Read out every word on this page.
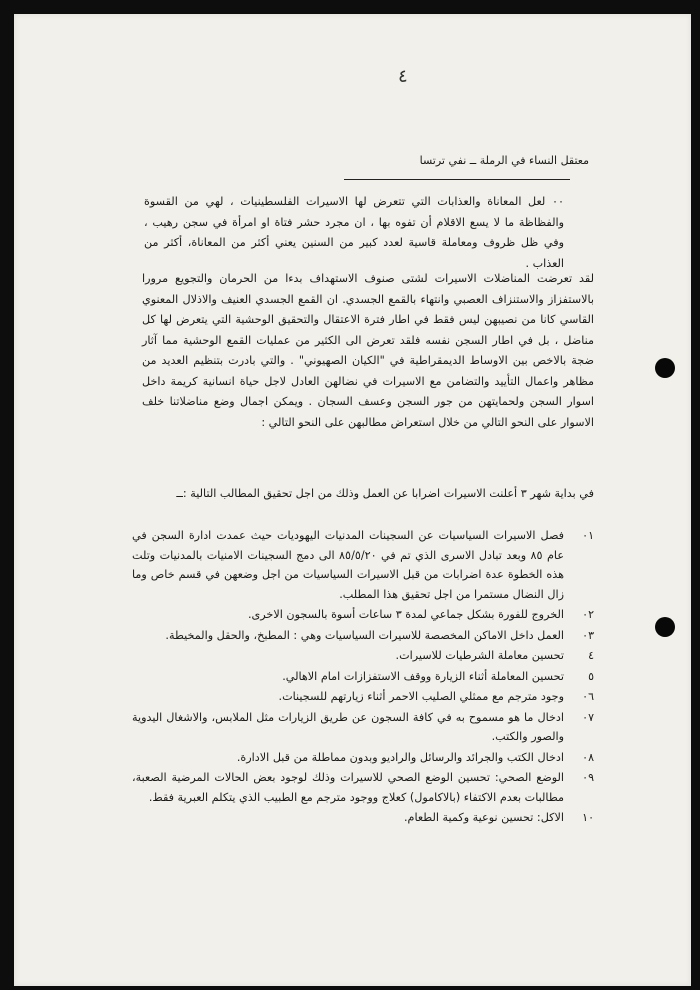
٤
معتقل النساء في الرملة ــ نفي ترتسا
٠٠ لعل المعاناة والعذابات التي تتعرض لها الاسيرات الفلسطينيات ، لهي من القسوة والفظاظة ما لا يسع الاقلام أن تفوه بها ، ان مجرد حشر فتاة او امرأة في سجن رهيب ، وفي ظل ظروف ومعاملة قاسية لعدد كبير من السنين يعني أكثر من المعاناة، أكثر من العذاب .
لقد تعرضت المناضلات الاسيرات لشتى صنوف الاستهداف بدءا من الحرمان والتجويع مرورا بالاستفزاز والاستنزاف العصبي وانتهاء بالقمع الجسدي. ان القمع الجسدي العنيف والاذلال المعنوي القاسي كانا من نصيبهن ليس فقط في اطار فترة الاعتقال والتحقيق الوحشية التي يتعرض لها كل مناضل ، بل في اطار السجن نفسه فلقد تعرض الى الكثير من عمليات القمع الوحشية مما آثار ضجة بالاخص بين الاوساط الديمقراطية في "الكيان الصهيوني" . والتي بادرت بتنظيم العديد من مظاهر واعمال التأييد والتضامن مع الاسيرات في نضالهن العادل لاجل حياة انسانية كريمة داخل اسوار السجن ولحمايتهن من جور السجن وعسف السجان . ويمكن اجمال وضع مناضلاتنا خلف الاسوار على النحو التالي من خلال استعراض مطالبهن على النحو التالي :
في بداية شهر ٣ أعلنت الاسيرات اضرابا عن العمل وذلك من اجل تحقيق المطالب التالية :ــ
٠١
فصل الاسيرات السياسيات عن السجينات المدنيات اليهوديات حيث عمدت ادارة السجن في عام ٨٥ وبعد تبادل الاسرى الذي تم في ٨٥/٥/٢٠ الى دمج السجينات الامنيات بالمدنيات وتلت هذه الخطوة عدة اضرابات من قبل الاسيرات السياسيات من اجل وضعهن في قسم خاص وما زال النضال مستمرا من اجل تحقيق هذا المطلب.
٠٢
الخروج للفورة بشكل جماعي لمدة ٣ ساعات أسوة بالسجون الاخرى.
٠٣
العمل داخل الاماكن المخصصة للاسيرات السياسيات وهي : المطبخ، والحقل والمخيطة.
٤
تحسين معاملة الشرطيات للاسيرات.
٥
تحسين المعاملة أثناء الزيارة ووقف الاستفزازات امام الاهالي.
٠٦
وجود مترجم مع ممثلي الصليب الاحمر أثناء زيارتهم للسجينات.
٠٧
ادخال ما هو مسموح به في كافة السجون عن طريق الزيارات مثل الملابس، والاشغال اليدوية والصور والكتب.
٠٨
ادخال الكتب والجرائد والرسائل والراديو وبدون مماطلة من قبل الادارة.
٠٩
الوضع الصحي: تحسين الوضع الصحي للاسيرات وذلك لوجود بعض الحالات المرضية الصعبة، مطالبات بعدم الاكتفاء (بالاكامول) كعلاج ووجود مترجم مع الطبيب الذي يتكلم العبرية فقط.
١٠
الاكل: تحسين نوعية وكمية الطعام.
